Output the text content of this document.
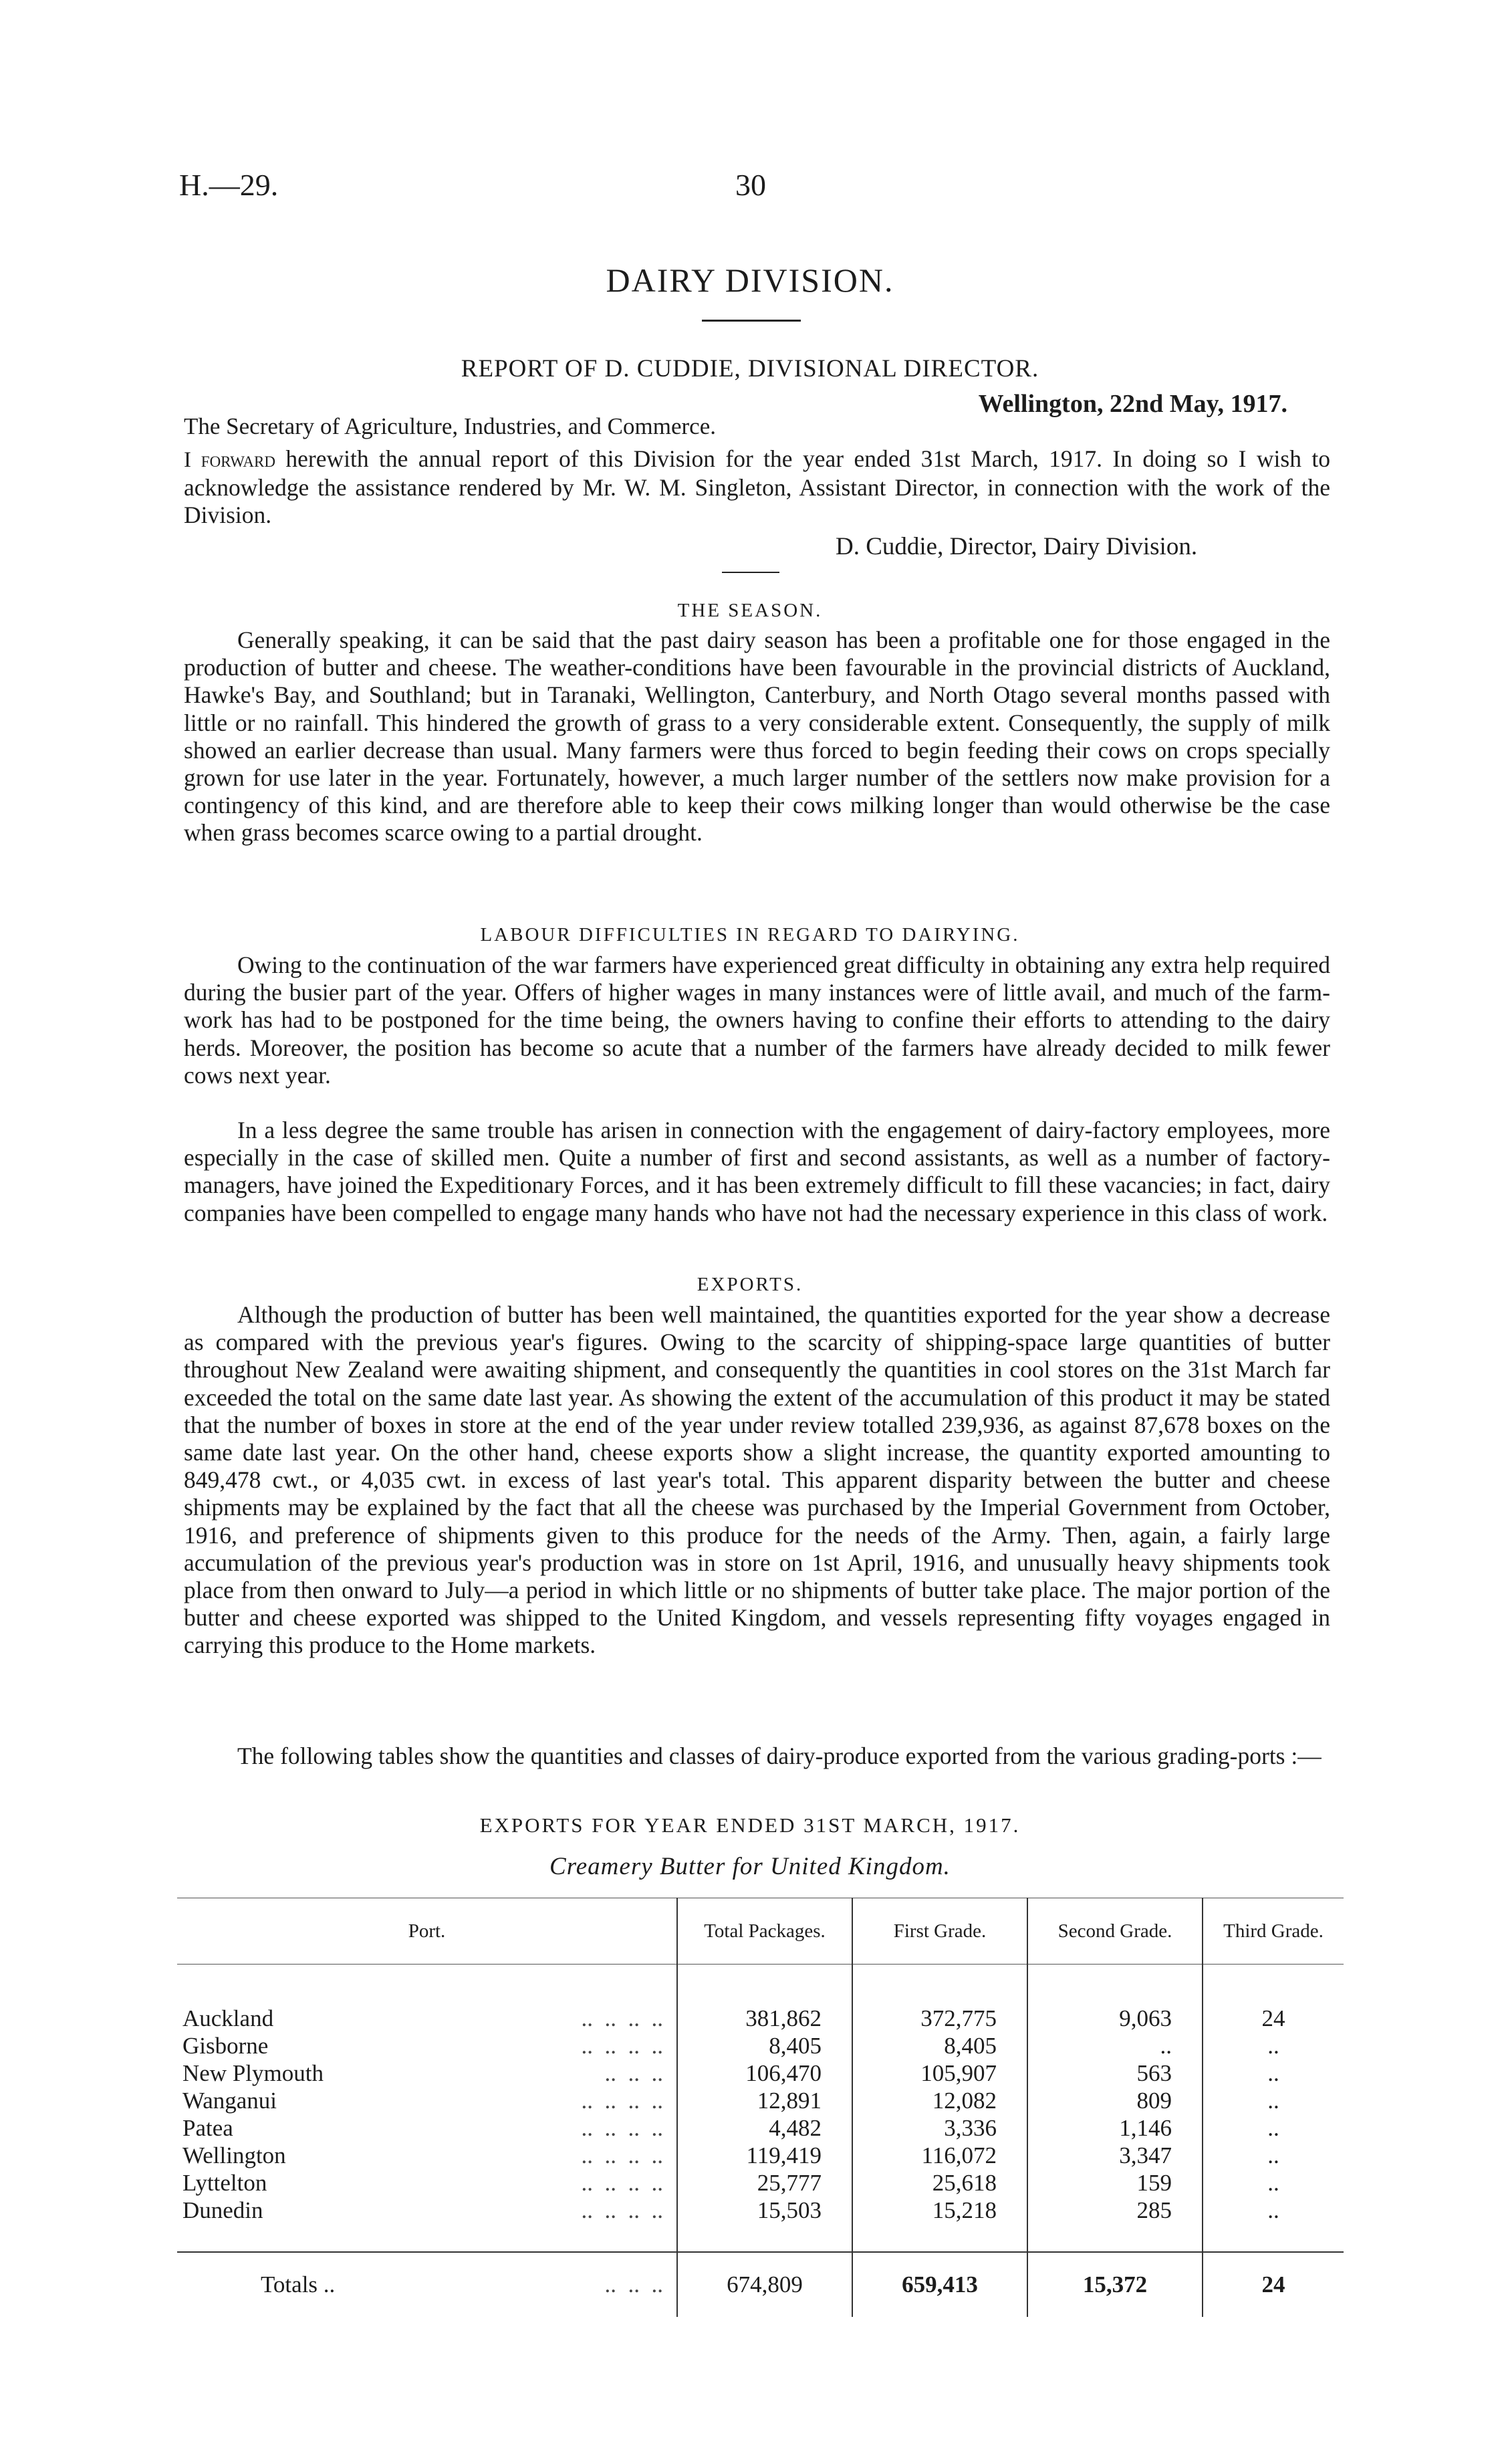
H.—29.	30
DAIRY DIVISION.
REPORT OF D. CUDDIE, DIVISIONAL DIRECTOR.
Wellington, 22nd May, 1917.
The Secretary of Agriculture, Industries, and Commerce.

I forward herewith the annual report of this Division for the year ended 31st March, 1917. In doing so I wish to acknowledge the assistance rendered by Mr. W. M. Singleton, Assistant Director, in connection with the work of the Division.

D. Cuddie, Director, Dairy Division.
THE SEASON.

Generally speaking, it can be said that the past dairy season has been a profitable one for those engaged in the production of butter and cheese. The weather-conditions have been favourable in the provincial districts of Auckland, Hawke's Bay, and Southland; but in Taranaki, Wellington, Canterbury, and North Otago several months passed with little or no rainfall. This hindered the growth of grass to a very considerable extent. Consequently, the supply of milk showed an earlier decrease than usual. Many farmers were thus forced to begin feeding their cows on crops specially grown for use later in the year. Fortunately, however, a much larger number of the settlers now make provision for a contingency of this kind, and are therefore able to keep their cows milking longer than would otherwise be the case when grass becomes scarce owing to a partial drought.

LABOUR DIFFICULTIES IN REGARD TO DAIRYING.

Owing to the continuation of the war farmers have experienced great difficulty in obtaining any extra help required during the busier part of the year. Offers of higher wages in many instances were of little avail, and much of the farm-work has had to be postponed for the time being, the owners having to confine their efforts to attending to the dairy herds. Moreover, the position has become so acute that a number of the farmers have already decided to milk fewer cows next year.

In a less degree the same trouble has arisen in connection with the engagement of dairy-factory employees, more especially in the case of skilled men. Quite a number of first and second assistants, as well as a number of factory-managers, have joined the Expeditionary Forces, and it has been extremely difficult to fill these vacancies; in fact, dairy companies have been compelled to engage many hands who have not had the necessary experience in this class of work.

EXPORTS.

Although the production of butter has been well maintained, the quantities exported for the year show a decrease as compared with the previous year's figures. Owing to the scarcity of shipping-space large quantities of butter throughout New Zealand were awaiting shipment, and consequently the quantities in cool stores on the 31st March far exceeded the total on the same date last year. As showing the extent of the accumulation of this product it may be stated that the number of boxes in store at the end of the year under review totalled 239,936, as against 87,678 boxes on the same date last year. On the other hand, cheese exports show a slight increase, the quantity exported amounting to 849,478 cwt., or 4,035 cwt. in excess of last year's total. This apparent disparity between the butter and cheese shipments may be explained by the fact that all the cheese was purchased by the Imperial Government from October, 1916, and preference of shipments given to this produce for the needs of the Army. Then, again, a fairly large accumulation of the previous year's production was in store on 1st April, 1916, and unusually heavy shipments took place from then onward to July—a period in which little or no shipments of butter take place. The major portion of the butter and cheese exported was shipped to the United Kingdom, and vessels representing fifty voyages engaged in carrying this produce to the Home markets.

The following tables show the quantities and classes of dairy-produce exported from the various grading-ports :—

EXPORTS FOR YEAR ENDED 31ST MARCH, 1917.
Creamery Butter for United Kingdom.
Port.	Total Packages.	First Grade.	Second Grade.	Third Grade.

Auckland ..  ..  ..  ..	381,862	372,775	9,063	24
Gisborne ..  ..  ..  ..	8,405	8,405	..	..
New Plymouth ..  ..  ..	106,470	105,907	563	..
Wanganui ..  ..  ..  ..	12,891	12,082	809	..
Patea ..  ..  ..  ..	4,482	3,336	1,146	..
Wellington ..  ..  ..  ..	119,419	116,072	3,347	..
Lyttelton ..  ..  ..  ..	25,777	25,618	159	..
Dunedin ..  ..  ..  ..	15,503	15,218	285	..

Totals .. ..  ..  ..	674,809	659,413	15,372	24
